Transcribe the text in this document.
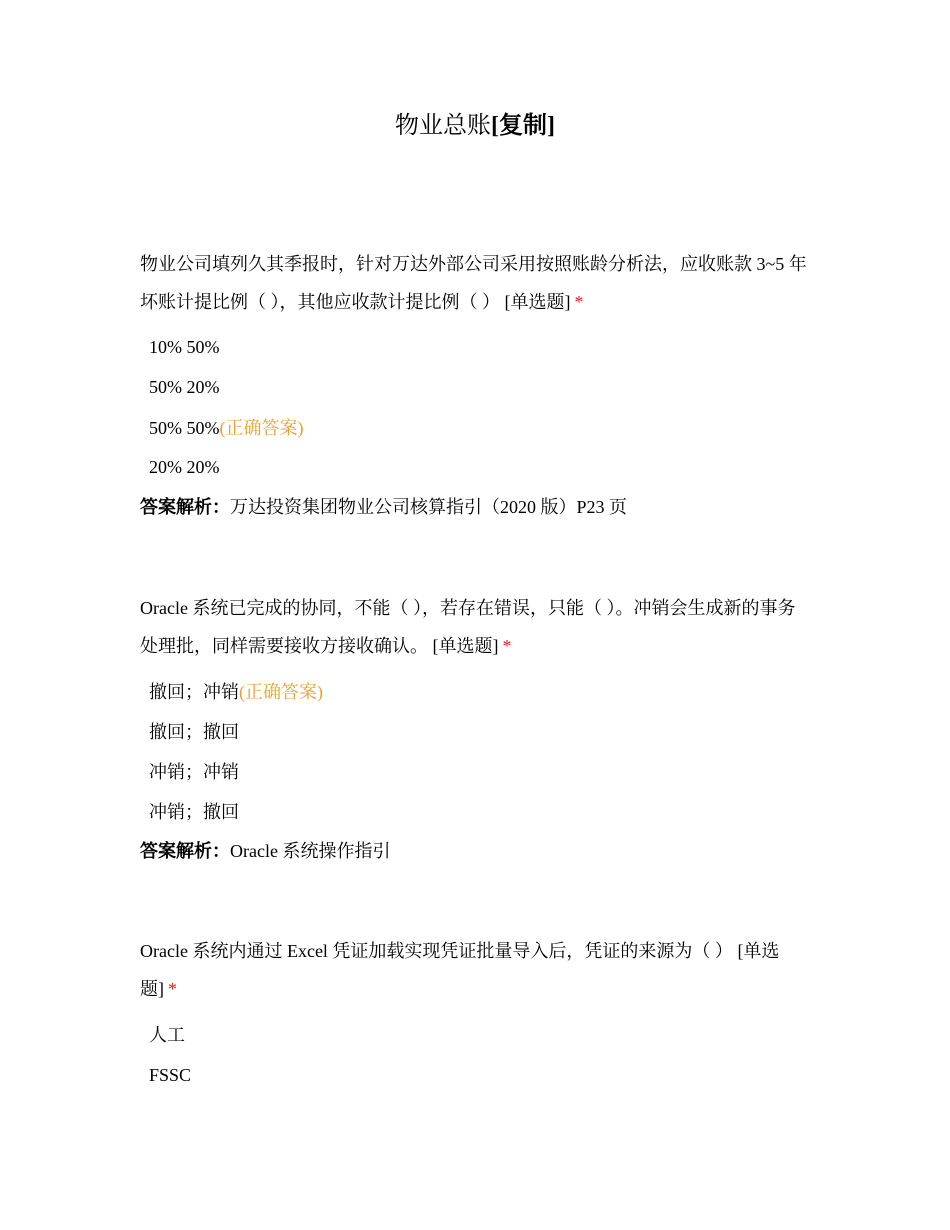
物业总账[复制]

物业公司填列久其季报时，针对万达外部公司采用按照账龄分析法，应收账款 3~5 年坏账计提比例（ ），其他应收款计提比例（ ） [单选题] *

10% 50%
50% 20%
50% 50%(正确答案)
20% 20%
答案解析：万达投资集团物业公司核算指引（2020 版）P23 页

Oracle 系统已完成的协同，不能（ ），若存在错误，只能（ ）。冲销会生成新的事务处理批，同样需要接收方接收确认。 [单选题] *

撤回；冲销(正确答案)
撤回；撤回
冲销；冲销
冲销；撤回
答案解析：Oracle 系统操作指引

Oracle 系统内通过 Excel 凭证加载实现凭证批量导入后，凭证的来源为（ ） [单选题] *

人工
FSSC
